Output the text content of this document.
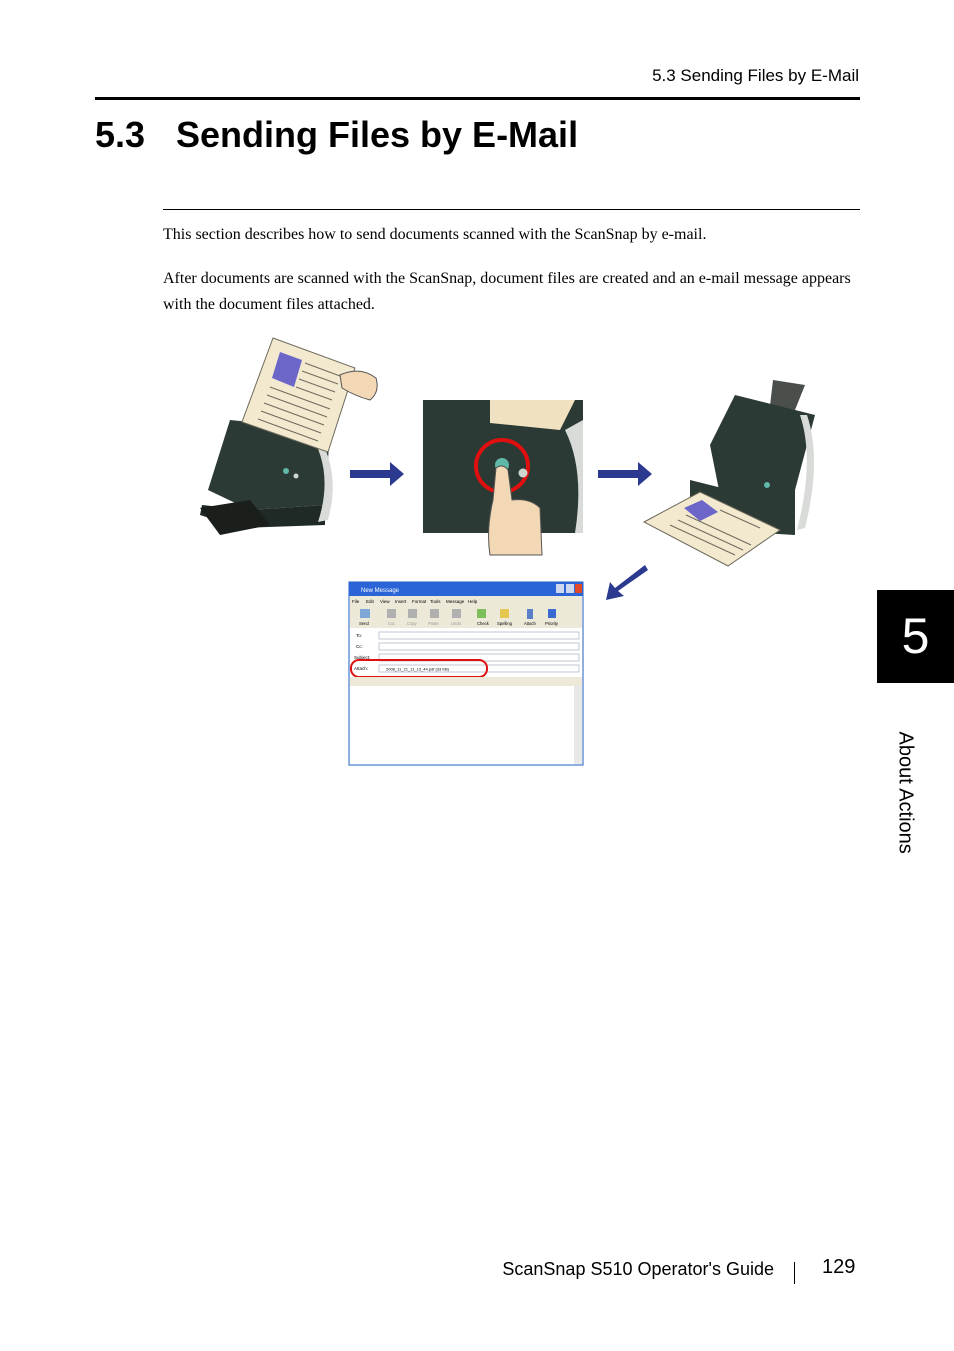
5.3 Sending Files by E-Mail
5.3 Sending Files by E-Mail
This section describes how to send documents scanned with the ScanSnap by e-mail.
After documents are scanned with the ScanSnap, document files are created and an e-mail message appears with the document files attached.
New Message
File Edit View Insert Format Tools Message Help
Send	Cut	Copy	Paste	Undo	Check Spelling	Attach Priority
To:
Cc:
Subject:
Attach:	2008_11_21_11_13_44.pdf (33 KB)
5
About Actions
ScanSnap S510 Operator's Guide 129
